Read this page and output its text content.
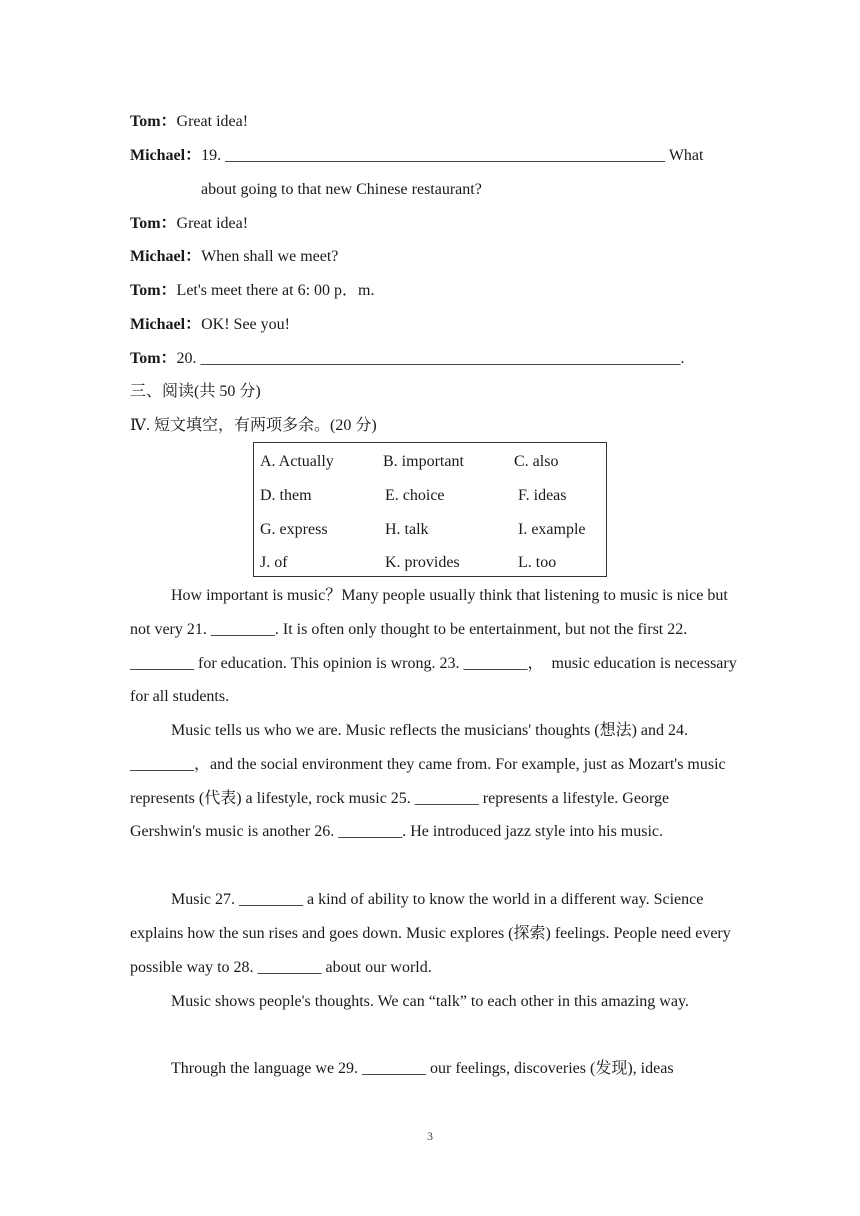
Tom：Great idea!
Michael：19. _______________________________________________________ What
about going to that new Chinese restaurant?
Tom：Great idea!
Michael：When shall we meet?
Tom：Let's meet there at 6: 00 p．m.
Michael：OK! See you!
Tom：20. ____________________________________________________________.
三、阅读(共 50 分)
Ⅳ. 短文填空，有两项多余。(20 分)
A. Actually	B. important	C. also
D. them	E. choice	F. ideas
G. express	H. talk	I. example
J. of	K. provides	L. too
How important is music？Many people usually think that listening to music is nice but not very 21. ________. It is often only thought to be entertainment, but not the first 22. ________ for education. This opinion is wrong. 23. ________，　music education is necessary for all students.
Music tells us who we are. Music reflects the musicians' thoughts (想法) and 24. ________，and the social environment they came from. For example, just as Mozart's music represents (代表) a lifestyle, rock music 25. ________ represents a lifestyle. George Gershwin's music is another 26. ________. He introduced jazz style into his music.
Music 27. ________ a kind of ability to know the world in a different way. Science explains how the sun rises and goes down. Music explores (探索) feelings. People need every possible way to 28. ________ about our world.
Music shows people's thoughts. We can “talk” to each other in this amazing way.
Through the language we 29. ________ our feelings, discoveries (发现), ideas
3
